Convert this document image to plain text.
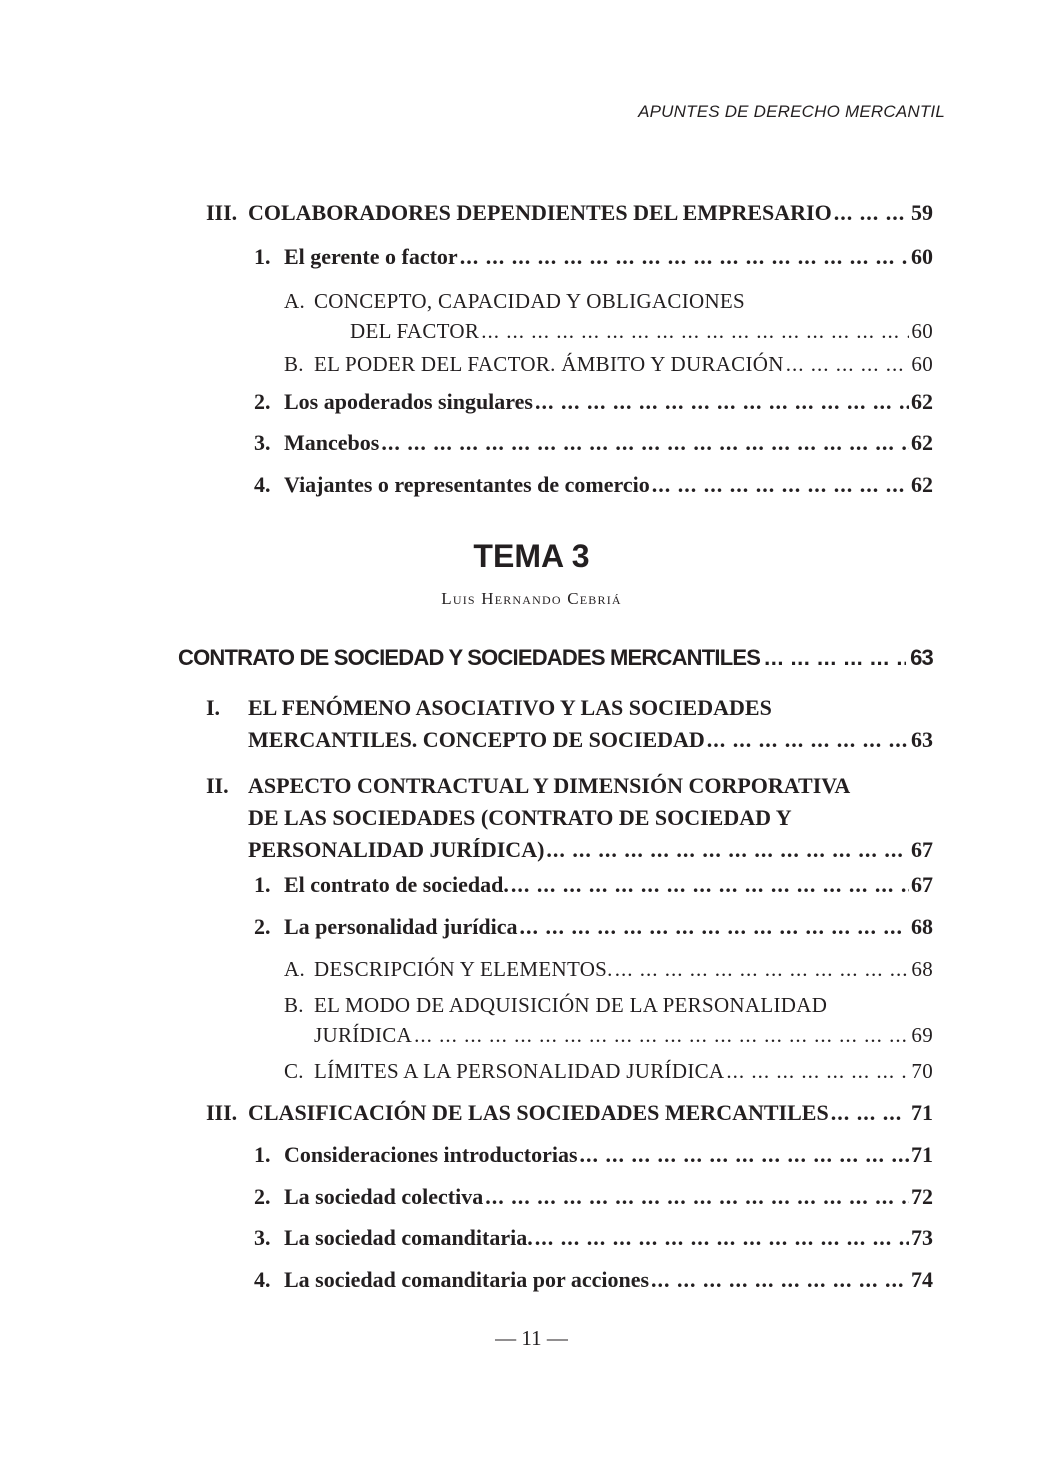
APUNTES DE DERECHO MERCANTIL
III. COLABORADORES DEPENDIENTES DEL EMPRESARIO ... .	59
1. El gerente o factor ... .	60
A. CONCEPTO, CAPACIDAD Y OBLIGACIONES
DEL FACTOR ... .	60
B. EL PODER DEL FACTOR. ÁMBITO Y DURACIÓN ... .	60
2. Los apoderados singulares ... .	62
3. Mancebos ... .	62
4. Viajantes o representantes de comercio ... .	62
TEMA 3
Luis Hernando Cebriá
CONTRATO DE SOCIEDAD Y SOCIEDADES MERCANTILES ... .	63
I.	EL FENÓMENO ASOCIATIVO Y LAS SOCIEDADES
MERCANTILES. CONCEPTO DE SOCIEDAD ... .	63
II. ASPECTO CONTRACTUAL Y DIMENSIÓN CORPORATIVA
DE LAS SOCIEDADES (CONTRATO DE SOCIEDAD Y
PERSONALIDAD JURÍDICA) ... .	67
1. El contrato de sociedad. ... .	67
2. La personalidad jurídica ... .	68
A. DESCRIPCIÓN Y ELEMENTOS. ... .	68
B. EL MODO DE ADQUISICIÓN DE LA PERSONALIDAD
JURÍDICA ... .	69
C. LÍMITES A LA PERSONALIDAD JURÍDICA ... .	70
III. CLASIFICACIÓN DE LAS SOCIEDADES MERCANTILES ... .	71
1. Consideraciones introductorias ... .	71
2. La sociedad colectiva ... .	72
3. La sociedad comanditaria. ... .	73
4. La sociedad comanditaria por acciones ... .	74
— 11 —
